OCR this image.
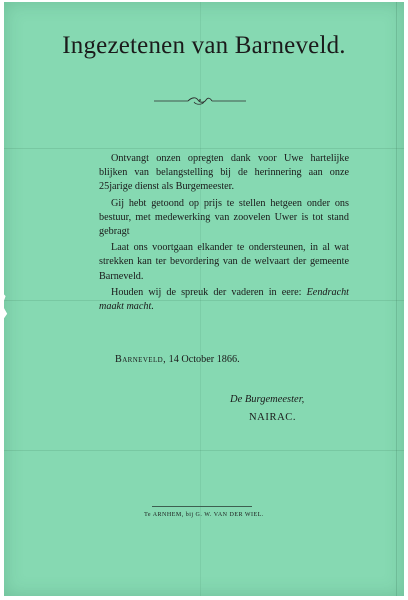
Ingezetenen van Barneveld.

Ontvangt onzen opregten dank voor Uwe hartelijke blijken van belangstelling bij de herinnering aan onze 25jarige dienst als Burgemeester.

Gij hebt getoond op prijs te stellen hetgeen onder ons bestuur, met medewerking van zoovelen Uwer is tot stand gebragt

Laat ons voortgaan elkander te ondersteunen, in al wat strekken kan ter bevordering van de welvaart der gemeente Barneveld.

Houden wij de spreuk der vaderen in eere: Eendracht maakt macht.

Barneveld, 14 October 1866.
De Burgemeester,
NAIRAC.
Te ARNHEM, bij G. W. VAN DER WIEL.
